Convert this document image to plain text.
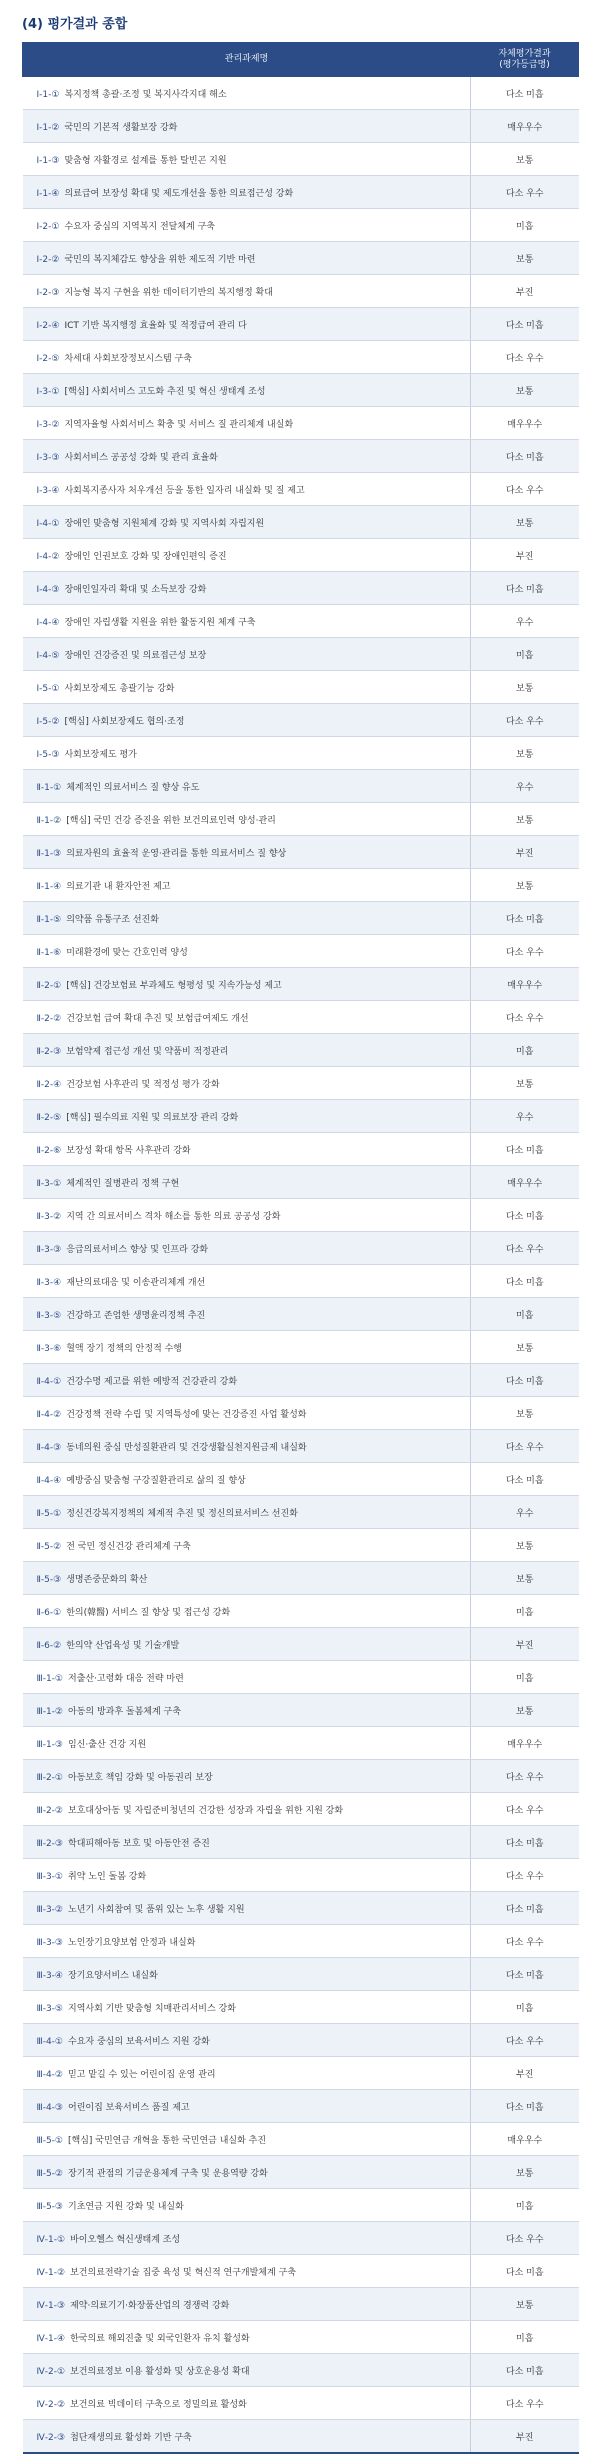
(4) 평가결과 종합
관리과제명	자체평가결과
(평가등급명)
Ⅰ-1-① 복지정책 총괄·조정 및 복지사각지대 해소	다소 미흡
Ⅰ-1-② 국민의 기본적 생활보장 강화	매우우수
Ⅰ-1-③ 맞춤형 자활경로 설계를 통한 탈빈곤 지원	보통
Ⅰ-1-④ 의료급여 보장성 확대 및 제도개선을 통한 의료접근성 강화	다소 우수
Ⅰ-2-① 수요자 중심의 지역복지 전달체계 구축	미흡
Ⅰ-2-② 국민의 복지체감도 향상을 위한 제도적 기반 마련	보통
Ⅰ-2-③ 지능형 복지 구현을 위한 데이터기반의 복지행정 확대	부진
Ⅰ-2-④ ICT 기반 복지행정 효율화 및 적정급여 관리 다	다소 미흡
Ⅰ-2-⑤ 차세대 사회보장정보시스템 구축	다소 우수
Ⅰ-3-① [핵심] 사회서비스 고도화 추진 및 혁신 생태계 조성	보통
Ⅰ-3-② 지역자율형 사회서비스 확충 및 서비스 질 관리체계 내실화	매우우수
Ⅰ-3-③ 사회서비스 공공성 강화 및 관리 효율화	다소 미흡
Ⅰ-3-④ 사회복지종사자 처우개선 등을 통한 일자리 내실화 및 질 제고	다소 우수
Ⅰ-4-① 장애인 맞춤형 지원체계 강화 및 지역사회 자립지원	보통
Ⅰ-4-② 장애인 인권보호 강화 및 장애인편익 증진	부진
Ⅰ-4-③ 장애인일자리 확대 및 소득보장 강화	다소 미흡
Ⅰ-4-④ 장애인 자립생활 지원을 위한 활동지원 체계 구축	우수
Ⅰ-4-⑤ 장애인 건강증진 및 의료접근성 보장	미흡
Ⅰ-5-① 사회보장제도 총괄기능 강화	보통
Ⅰ-5-② [핵심] 사회보장제도 협의·조정	다소 우수
Ⅰ-5-③ 사회보장제도 평가	보통
Ⅱ-1-① 체계적인 의료서비스 질 향상 유도	우수
Ⅱ-1-② [핵심] 국민 건강 증진을 위한 보건의료인력 양성·관리	보통
Ⅱ-1-③ 의료자원의 효율적 운영·관리를 통한 의료서비스 질 향상	부진
Ⅱ-1-④ 의료기관 내 환자안전 제고	보통
Ⅱ-1-⑤ 의약품 유통구조 선진화	다소 미흡
Ⅱ-1-⑥ 미래환경에 맞는 간호인력 양성	다소 우수
Ⅱ-2-① [핵심] 건강보험료 부과체도 형평성 및 지속가능성 제고	매우우수
Ⅱ-2-② 건강보험 급여 확대 추진 및 보험급여제도 개선	다소 우수
Ⅱ-2-③ 보험약제 접근성 개선 및 약품비 적정관리	미흡
Ⅱ-2-④ 건강보험 사후관리 및 적정성 평가 강화	보통
Ⅱ-2-⑤ [핵심] 필수의료 지원 및 의료보장 관리 강화	우수
Ⅱ-2-⑥ 보장성 확대 항목 사후관리 강화	다소 미흡
Ⅱ-3-① 체계적인 질병관리 정책 구현	매우우수
Ⅱ-3-② 지역 간 의료서비스 격차 해소를 통한 의료 공공성 강화	다소 미흡
Ⅱ-3-③ 응급의료서비스 향상 및 인프라 강화	다소 우수
Ⅱ-3-④ 재난의료대응 및 이송관리체계 개선	다소 미흡
Ⅱ-3-⑤ 건강하고 존엄한 생명윤리정책 추진	미흡
Ⅱ-3-⑥ 혈액 장기 정책의 안정적 수행	보통
Ⅱ-4-① 건강수명 제고를 위한 예방적 건강관리 강화	다소 미흡
Ⅱ-4-② 건강정책 전략 수립 및 지역특성에 맞는 건강증진 사업 활성화	보통
Ⅱ-4-③ 동네의원 중심 만성질환관리 및 건강생활실천지원금제 내실화	다소 우수
Ⅱ-4-④ 예방중심 맞춤형 구강질환관리로 삶의 질 향상	다소 미흡
Ⅱ-5-① 정신건강복지정책의 체계적 추진 및 정신의료서비스 선진화	우수
Ⅱ-5-② 전 국민 정신건강 관리체계 구축	보통
Ⅱ-5-③ 생명존중문화의 확산	보통
Ⅱ-6-① 한의(韓醫) 서비스 질 향상 및 접근성 강화	미흡
Ⅱ-6-② 한의약 산업육성 및 기술개발	부진
Ⅲ-1-① 저출산·고령화 대응 전략 마련	미흡
Ⅲ-1-② 아동의 방과후 돌봄체계 구축	보통
Ⅲ-1-③ 임신·출산 건강 지원	매우우수
Ⅲ-2-① 아동보호 책임 강화 및 아동권리 보장	다소 우수
Ⅲ-2-② 보호대상아동 및 자립준비청년의 건강한 성장과 자립을 위한 지원 강화	다소 우수
Ⅲ-2-③ 학대피해아동 보호 및 아동안전 증진	다소 미흡
Ⅲ-3-① 취약 노인 돌봄 강화	다소 우수
Ⅲ-3-② 노년기 사회참여 및 품위 있는 노후 생활 지원	다소 미흡
Ⅲ-3-③ 노인장기요양보험 안정과 내실화	다소 우수
Ⅲ-3-④ 장기요양서비스 내실화	다소 미흡
Ⅲ-3-⑤ 지역사회 기반 맞춤형 치매관리서비스 강화	미흡
Ⅲ-4-① 수요자 중심의 보육서비스 지원 강화	다소 우수
Ⅲ-4-② 믿고 맡길 수 있는 어린이집 운영 관리	부진
Ⅲ-4-③ 어린이집 보육서비스 품질 제고	다소 미흡
Ⅲ-5-① [핵심] 국민연금 개혁을 통한 국민연금 내실화 추진	매우우수
Ⅲ-5-② 장기적 관점의 기금운용체계 구축 및 운용역량 강화	보통
Ⅲ-5-③ 기초연금 지원 강화 및 내실화	미흡
Ⅳ-1-① 바이오헬스 혁신생태계 조성	다소 우수
Ⅳ-1-② 보건의료전략기술 집중 육성 및 혁신적 연구개발체계 구축	다소 미흡
Ⅳ-1-③ 제약·의료기기·화장품산업의 경쟁력 강화	보통
Ⅳ-1-④ 한국의료 해외진출 및 외국인환자 유치 활성화	미흡
Ⅳ-2-① 보건의료정보 이용 활성화 및 상호운용성 확대	다소 미흡
Ⅳ-2-② 보건의료 빅데이터 구축으로 정밀의료 활성화	다소 우수
Ⅳ-2-③ 첨단재생의료 활성화 기반 구축	부진
